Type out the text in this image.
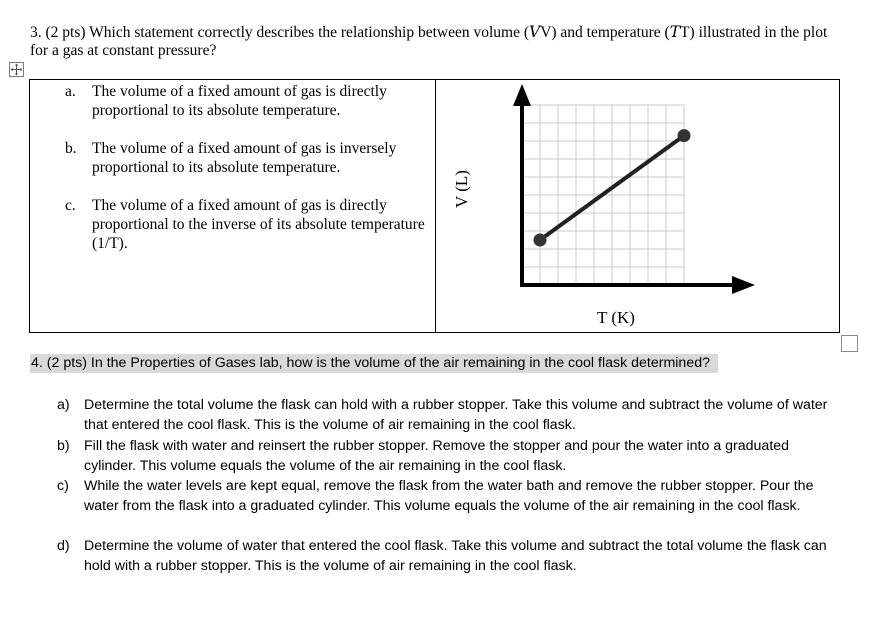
3. (2 pts) Which statement correctly describes the relationship between volume (𝑉V) and temperature (𝑇T) illustrated in the plot for a gas at constant pressure?
a. The volume of a fixed amount of gas is directly proportional to its absolute temperature.
b. The volume of a fixed amount of gas is inversely proportional to its absolute temperature.
c. The volume of a fixed amount of gas is directly proportional to the inverse of its absolute temperature (1/T).
V (L)
T (K)
4. (2 pts) In the Properties of Gases lab, how is the volume of the air remaining in the cool flask determined?
a) Determine the total volume the flask can hold with a rubber stopper. Take this volume and subtract the volume of water that entered the cool flask. This is the volume of air remaining in the cool flask.
b) Fill the flask with water and reinsert the rubber stopper. Remove the stopper and pour the water into a graduated cylinder. This volume equals the volume of the air remaining in the cool flask.
c) While the water levels are kept equal, remove the flask from the water bath and remove the rubber stopper. Pour the water from the flask into a graduated cylinder. This volume equals the volume of the air remaining in the cool flask.
d) Determine the volume of water that entered the cool flask. Take this volume and subtract the total volume the flask can hold with a rubber stopper. This is the volume of air remaining in the cool flask.
